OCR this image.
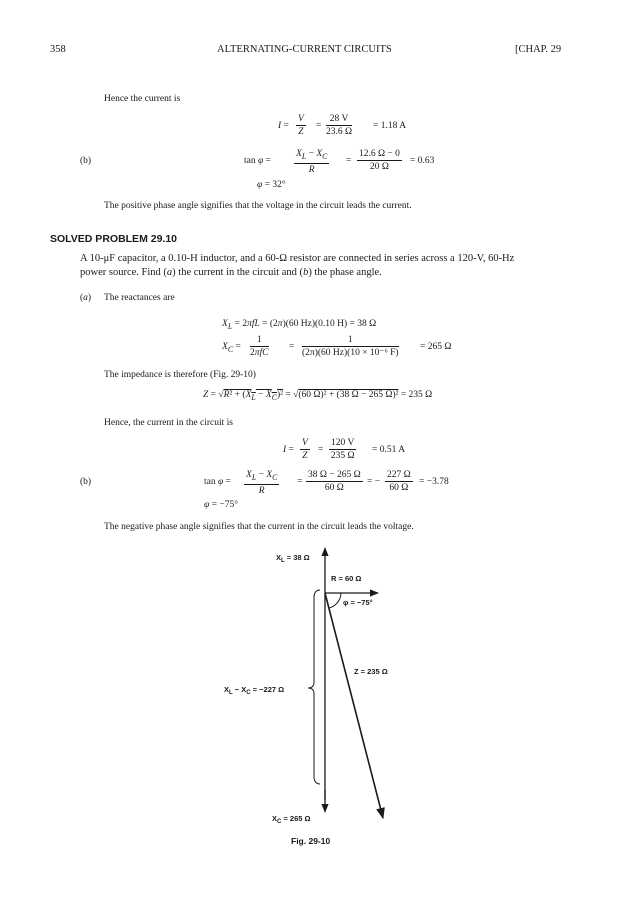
358	ALTERNATING-CURRENT CIRCUITS	[CHAP. 29
Hence the current is
$I = \frac{V}{Z} = \frac{28 V}{23.6 \Omega} = 1.18$ A
(b)	$\tan \varphi = \frac{X_L - X_C}{R} = \frac{12.6 \Omega - 0}{20 \Omega} = 0.63$
φ = 32°
The positive phase angle signifies that the voltage in the circuit leads the current.
SOLVED PROBLEM 29.10
A 10-μF capacitor, a 0.10-H inductor, and a 60-Ω resistor are connected in series across a 120-V, 60-Hz
power source. Find (a) the current in the circuit and (b) the phase angle.
(a) The reactances are
$X_L = 2\pi fL = (2\pi)(60$ Hz)(0.10 H) = 38 Ω
$X_C$ =
1
2πfC
= $\frac{1}{\text{(2π)(60 Hz)(10 × 10⁻⁶ F)}} = 265$ Ω
The impedance is therefore (Fig. 29-10)
$Z = √R^2 + (X_L - X_C)^2 = √(60$ Ω)² + (38 Ω − 265 Ω)² = 235 Ω
Hence, the current in the circuit is
$I = \frac{V}{Z} = \frac{120 V}{235 \Omega} = 0.51$ A
(b)	$\tan \varphi = \frac{X_L - X_C}{R} = \frac{38 \Omega - 265 \Omega}{60 \Omega}$ = − $\frac{227 \Omega}{60 \Omega} = -3.78$
φ = −75°
The negative phase angle signifies that the current in the circuit leads the voltage.
$X_L = 38$ Ω
R = 60 Ω
φ = −75°
Z = 235 Ω
$X_L - X_C = -227$ Ω
$X_C = 265$ Ω
Fig. 29-10
